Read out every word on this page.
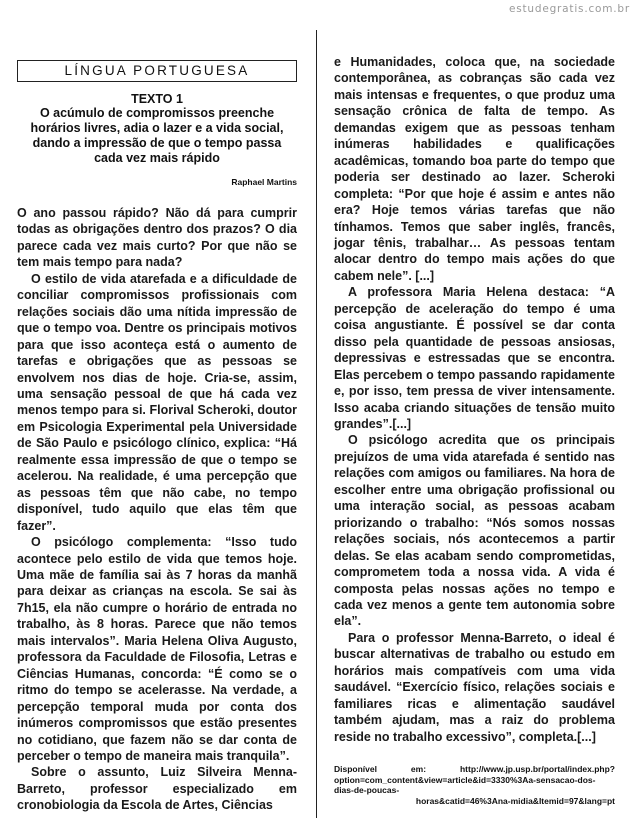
estudegratis.com.br
LÍNGUA PORTUGUESA
TEXTO 1
O acúmulo de compromissos preenche horários livres, adia o lazer e a vida social, dando a impressão de que o tempo passa cada vez mais rápido
Raphael Martins

O ano passou rápido? Não dá para cumprir todas as obrigações dentro dos prazos? O dia parece cada vez mais curto? Por que não se tem mais tempo para nada?

O estilo de vida atarefada e a dificuldade de conciliar compromissos profissionais com relações sociais dão uma nítida impressão de que o tempo voa. Dentre os principais motivos para que isso aconteça está o aumento de tarefas e obrigações que as pessoas se envolvem nos dias de hoje. Cria-se, assim, uma sensação pessoal de que há cada vez menos tempo para si. Florival Scheroki, doutor em Psicologia Experimental pela Universidade de São Paulo e psicólogo clínico, explica: “Há realmente essa impressão de que o tempo se acelerou. Na realidade, é uma percepção que as pessoas têm que não cabe, no tempo disponível, tudo aquilo que elas têm que fazer”.

O psicólogo complementa: “Isso tudo acontece pelo estilo de vida que temos hoje. Uma mãe de família sai às 7 horas da manhã para deixar as crianças na escola. Se sai às 7h15, ela não cumpre o horário de entrada no trabalho, às 8 horas. Parece que não temos mais intervalos”. Maria Helena Oliva Augusto, professora da Faculdade de Filosofia, Letras e Ciências Humanas, concorda: “É como se o ritmo do tempo se acelerasse. Na verdade, a percepção temporal muda por conta dos inúmeros compromissos que estão presentes no cotidiano, que fazem não se dar conta de perceber o tempo de maneira mais tranquila”.

Sobre o assunto, Luiz Silveira Menna-Barreto, professor especializado em cronobiologia da Escola de Artes, Ciências

e Humanidades, coloca que, na sociedade contemporânea, as cobranças são cada vez mais intensas e frequentes, o que produz uma sensação crônica de falta de tempo. As demandas exigem que as pessoas tenham inúmeras habilidades e qualificações acadêmicas, tomando boa parte do tempo que poderia ser destinado ao lazer. Scheroki completa: “Por que hoje é assim e antes não era? Hoje temos várias tarefas que não tínhamos. Temos que saber inglês, francês, jogar tênis, trabalhar… As pessoas tentam alocar dentro do tempo mais ações do que cabem nele”. [...]

A professora Maria Helena destaca: “A percepção de aceleração do tempo é uma coisa angustiante. É possível se dar conta disso pela quantidade de pessoas ansiosas, depressivas e estressadas que se encontra. Elas percebem o tempo passando rapidamente e, por isso, tem pressa de viver intensamente. Isso acaba criando situações de tensão muito grandes”.[...]

O psicólogo acredita que os principais prejuízos de uma vida atarefada é sentido nas relações com amigos ou familiares. Na hora de escolher entre uma obrigação profissional ou uma interação social, as pessoas acabam priorizando o trabalho: “Nós somos nossas relações sociais, nós acontecemos a partir delas. Se elas acabam sendo comprometidas, comprometem toda a nossa vida. A vida é composta pelas nossas ações no tempo e cada vez menos a gente tem autonomia sobre ela”.

Para o professor Menna-Barreto, o ideal é buscar alternativas de trabalho ou estudo em horários mais compatíveis com uma vida saudável. “Exercício físico, relações sociais e familiares ricas e alimentação saudável também ajudam, mas a raiz do problema reside no trabalho excessivo”, completa.[...]

Disponível em: http://www.jp.usp.br/portal/index.php?option=com_content&view=article&id=3330%3Aa-sensacao-dos-dias-de-poucas-
horas&catid=46%3Ana-midia&Itemid=97&lang=pt
